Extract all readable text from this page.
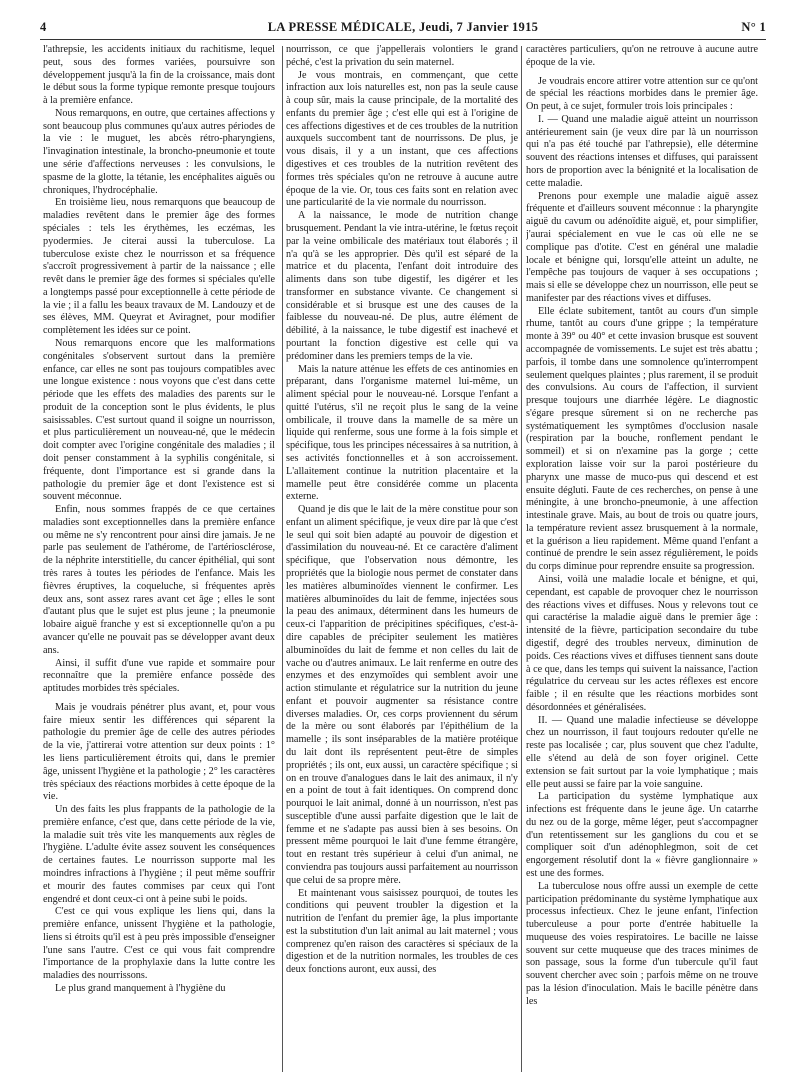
4	LA PRESSE MÉDICALE, Jeudi, 7 Janvier 1915	N° 1

l'athrepsie, les accidents initiaux du rachitisme, lequel peut, sous des formes variées, poursuivre son développement jusqu'à la fin de la croissance, mais dont le début sous la forme typique remonte presque toujours à la première enfance.

Nous remarquons, en outre, que certaines affections y sont beaucoup plus communes qu'aux autres périodes de la vie : le muguet, les abcès rétro-pharyngiens, l'invagination intestinale, la broncho-pneumonie et toute une série d'affections nerveuses : les convulsions, le spasme de la glotte, la tétanie, les encéphalites aiguës ou chroniques, l'hydrocéphalie.

En troisième lieu, nous remarquons que beaucoup de maladies revêtent dans le premier âge des formes spéciales : tels les érythèmes, les eczémas, les pyodermies. Je citerai aussi la tuberculose. La tuberculose existe chez le nourrisson et sa fréquence s'accroît progressivement à partir de la naissance ; elle revêt dans le premier âge des formes si spéciales qu'elle a longtemps passé pour exceptionnelle à cette période de la vie ; il a fallu les beaux travaux de M. Landouzy et de ses élèves, MM. Queyrat et Aviragnet, pour modifier complètement les idées sur ce point.

Nous remarquons encore que les malformations congénitales s'observent surtout dans la première enfance, car elles ne sont pas toujours compatibles avec une longue existence : nous voyons que c'est dans cette période que les effets des maladies des parents sur le produit de la conception sont le plus évidents, le plus saisissables. C'est surtout quand il soigne un nourrisson, et plus particulièrement un nouveau-né, que le médecin doit compter avec l'origine congénitale des maladies ; il doit penser constamment à la syphilis congénitale, si fréquente, dont l'importance est si grande dans la pathologie du premier âge et dont l'existence est si souvent méconnue.

Enfin, nous sommes frappés de ce que certaines maladies sont exceptionnelles dans la première enfance ou même ne s'y rencontrent pour ainsi dire jamais. Je ne parle pas seulement de l'athérome, de l'artériosclérose, de la néphrite interstitielle, du cancer épithélial, qui sont très rares à toutes les périodes de l'enfance. Mais les fièvres éruptives, la coqueluche, si fréquentes après deux ans, sont assez rares avant cet âge ; elles le sont d'autant plus que le sujet est plus jeune ; la pneumonie lobaire aiguë franche y est si exceptionnelle qu'on a pu avancer qu'elle ne pouvait pas se développer avant deux ans.

Ainsi, il suffit d'une vue rapide et sommaire pour reconnaître que la première enfance possède des aptitudes morbides très spéciales.

Mais je voudrais pénétrer plus avant, et, pour vous faire mieux sentir les différences qui séparent la pathologie du premier âge de celle des autres périodes de la vie, j'attirerai votre attention sur deux points : 1° les liens particulièrement étroits qui, dans le premier âge, unissent l'hygiène et la pathologie ; 2° les caractères très spéciaux des réactions morbides à cette époque de la vie.

Un des faits les plus frappants de la pathologie de la première enfance, c'est que, dans cette période de la vie, la maladie suit très vite les manquements aux règles de l'hygiène. L'adulte évite assez souvent les conséquences de certaines fautes. Le nourrisson supporte mal les moindres infractions à l'hygiène ; il peut même souffrir et mourir des fautes commises par ceux qui l'ont engendré et dont ceux-ci ont à peine subi le poids.

C'est ce qui vous explique les liens qui, dans la première enfance, unissent l'hygiène et la pathologie, liens si étroits qu'il est à peu près impossible d'enseigner l'une sans l'autre. C'est ce qui vous fait comprendre l'importance de la prophylaxie dans la lutte contre les maladies des nourrissons.

Le plus grand manquement à l'hygiène du

nourrisson, ce que j'appellerais volontiers le grand péché, c'est la privation du sein maternel.

Je vous montrais, en commençant, que cette infraction aux lois naturelles est, non pas la seule cause à coup sûr, mais la cause principale, de la mortalité des enfants du premier âge ; c'est elle qui est à l'origine de ces affections digestives et de ces troubles de la nutrition auxquels succombent tant de nourrissons. De plus, je vous disais, il y a un instant, que ces affections digestives et ces troubles de la nutrition revêtent des formes très spéciales qu'on ne retrouve à aucune autre époque de la vie. Or, tous ces faits sont en relation avec une particularité de la vie normale du nourrisson.

A la naissance, le mode de nutrition change brusquement. Pendant la vie intra-utérine, le fœtus reçoit par la veine ombilicale des matériaux tout élaborés ; il n'a qu'à se les approprier. Dès qu'il est séparé de la matrice et du placenta, l'enfant doit introduire des aliments dans son tube digestif, les digérer et les transformer en substance vivante. Ce changement si considérable et si brusque est une des causes de la faiblesse du nouveau-né. De plus, autre élément de débilité, à la naissance, le tube digestif est inachevé et pourtant la fonction digestive est celle qui va prédominer dans les premiers temps de la vie.

Mais la nature atténue les effets de ces antinomies en préparant, dans l'organisme maternel lui-même, un aliment spécial pour le nouveau-né. Lorsque l'enfant a quitté l'utérus, s'il ne reçoit plus le sang de la veine ombilicale, il trouve dans la mamelle de sa mère un liquide qui renferme, sous une forme à la fois simple et spécifique, tous les principes nécessaires à sa nutrition, à ses activités fonctionnelles et à son accroissement. L'allaitement continue la nutrition placentaire et la mamelle peut être considérée comme un placenta externe.

Quand je dis que le lait de la mère constitue pour son enfant un aliment spécifique, je veux dire par là que c'est le seul qui soit bien adapté au pouvoir de digestion et d'assimilation du nouveau-né. Et ce caractère d'aliment spécifique, que l'observation nous démontre, les propriétés que la biologie nous permet de constater dans les matières albuminoïdes viennent le confirmer. Les matières albuminoïdes du lait de femme, injectées sous la peau des animaux, déterminent dans les humeurs de ceux-ci l'apparition de précipitines spécifiques, c'est-à-dire capables de précipiter seulement les matières albuminoïdes du lait de femme et non celles du lait de vache ou d'autres animaux. Le lait renferme en outre des enzymes et des enzymoïdes qui semblent avoir une action stimulante et régulatrice sur la nutrition du jeune enfant et pouvoir augmenter sa résistance contre diverses maladies. Or, ces corps proviennent du sérum de la mère ou sont élaborés par l'épithélium de la mamelle ; ils sont inséparables de la matière protéique du lait dont ils représentent peut-être de simples propriétés ; ils ont, eux aussi, un caractère spécifique ; si on en trouve d'analogues dans le lait des animaux, il n'y en a point de tout à fait identiques. On comprend donc pourquoi le lait animal, donné à un nourrisson, n'est pas susceptible d'une aussi parfaite digestion que le lait de femme et ne s'adapte pas aussi bien à ses besoins. On pressent même pourquoi le lait d'une femme étrangère, tout en restant très supérieur à celui d'un animal, ne conviendra pas toujours aussi parfaitement au nourrisson que celui de sa propre mère.

Et maintenant vous saisissez pourquoi, de toutes les conditions qui peuvent troubler la digestion et la nutrition de l'enfant du premier âge, la plus importante est la substitution d'un lait animal au lait maternel ; vous comprenez qu'en raison des caractères si spéciaux de la digestion et de la nutrition normales, les troubles de ces deux fonctions auront, eux aussi, des

caractères particuliers, qu'on ne retrouve à aucune autre époque de la vie.

Je voudrais encore attirer votre attention sur ce qu'ont de spécial les réactions morbides dans le premier âge. On peut, à ce sujet, formuler trois lois principales :

I. — Quand une maladie aiguë atteint un nourrisson antérieurement sain (je veux dire par là un nourrisson qui n'a pas été touché par l'athrepsie), elle détermine souvent des réactions intenses et diffuses, qui paraissent hors de proportion avec la bénignité et la localisation de cette maladie.

Prenons pour exemple une maladie aiguë assez fréquente et d'ailleurs souvent méconnue : la pharyngite aiguë du cavum ou adénoïdite aiguë, et, pour simplifier, j'aurai spécialement en vue le cas où elle ne se complique pas d'otite. C'est en général une maladie locale et bénigne qui, lorsqu'elle atteint un adulte, ne l'empêche pas toujours de vaquer à ses occupations ; mais si elle se développe chez un nourrisson, elle peut se manifester par des réactions vives et diffuses.

Elle éclate subitement, tantôt au cours d'un simple rhume, tantôt au cours d'une grippe ; la température monte à 39° ou 40° et cette invasion brusque est souvent accompagnée de vomissements. Le sujet est très abattu ; parfois, il tombe dans une somnolence qu'interrompent seulement quelques plaintes ; plus rarement, il se produit des convulsions. Au cours de l'affection, il survient presque toujours une diarrhée légère. Le diagnostic s'égare presque sûrement si on ne recherche pas systématiquement les symptômes d'occlusion nasale (respiration par la bouche, ronflement pendant le sommeil) et si on n'examine pas la gorge ; cette exploration laisse voir sur la paroi postérieure du pharynx une masse de muco-pus qui descend et est ensuite dégluti. Faute de ces recherches, on pense à une méningite, à une broncho-pneumonie, à une affection intestinale grave. Mais, au bout de trois ou quatre jours, la température revient assez brusquement à la normale, et la guérison a lieu rapidement. Même quand l'enfant a continué de prendre le sein assez régulièrement, le poids du corps diminue pour reprendre ensuite sa progression.

Ainsi, voilà une maladie locale et bénigne, et qui, cependant, est capable de provoquer chez le nourrisson des réactions vives et diffuses. Nous y relevons tout ce qui caractérise la maladie aiguë dans le premier âge : intensité de la fièvre, participation secondaire du tube digestif, degré des troubles nerveux, diminution de poids. Ces réactions vives et diffuses tiennent sans doute à ce que, dans les temps qui suivent la naissance, l'action régulatrice du cerveau sur les actes réflexes est encore faible ; il en résulte que les réactions morbides sont désordonnées et généralisées.

II. — Quand une maladie infectieuse se développe chez un nourrisson, il faut toujours redouter qu'elle ne reste pas localisée ; car, plus souvent que chez l'adulte, elle s'étend au delà de son foyer originel. Cette extension se fait surtout par la voie lymphatique ; mais elle peut aussi se faire par la voie sanguine.

La participation du système lymphatique aux infections est fréquente dans le jeune âge. Un catarrhe du nez ou de la gorge, même léger, peut s'accompagner d'un retentissement sur les ganglions du cou et se compliquer soit d'un adénophlegmon, soit de cet engorgement résolutif dont la « fièvre ganglionnaire » est une des formes.

La tuberculose nous offre aussi un exemple de cette participation prédominante du système lymphatique aux processus infectieux. Chez le jeune enfant, l'infection tuberculeuse a pour porte d'entrée habituelle la muqueuse des voies respiratoires. Le bacille ne laisse souvent sur cette muqueuse que des traces minimes de son passage, sous la forme d'un tubercule qu'il faut souvent chercher avec soin ; parfois même on ne trouve pas la lésion d'inoculation. Mais le bacille pénètre dans les
